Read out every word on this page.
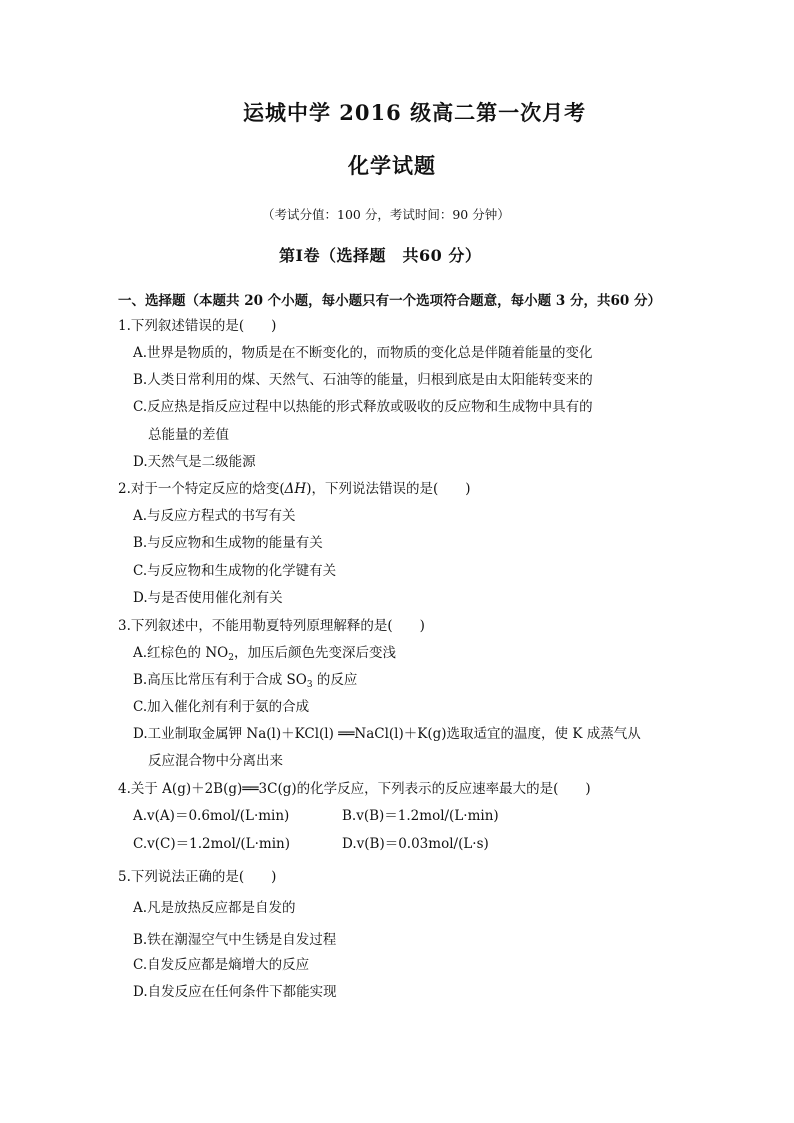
运城中学 2016 级高二第一次月考
化学试题
（考试分值：100 分，考试时间：90 分钟）
第Ⅰ卷（选择题　共60 分）
一、选择题（本题共 20 个小题，每小题只有一个选项符合题意，每小题 3 分，共60 分）
1.下列叙述错误的是(　　)
A.世界是物质的，物质是在不断变化的，而物质的变化总是伴随着能量的变化
B.人类日常利用的煤、天然气、石油等的能量，归根到底是由太阳能转变来的
C.反应热是指反应过程中以热能的形式释放或吸收的反应物和生成物中具有的
总能量的差值
D.天然气是二级能源
2.对于一个特定反应的焓变(ΔH)，下列说法错误的是(　　)
A.与反应方程式的书写有关
B.与反应物和生成物的能量有关
C.与反应物和生成物的化学键有关
D.与是否使用催化剂有关
3.下列叙述中，不能用勒夏特列原理解释的是(　　)
A.红棕色的 $NO_2$，加压后颜色先变深后变浅
B.高压比常压有利于合成 $SO_3$ 的反应
C.加入催化剂有利于氨的合成
D.工业制取金属钾 Na(l)＋KCl(l) ══NaCl(l)＋K(g)选取适宜的温度，使 K 成蒸气从
反应混合物中分离出来
4.关于 A(g)＋2B(g)══3C(g)的化学反应，下列表示的反应速率最大的是(　　)
A.v(A)＝0.6mol/(L·min)	B.v(B)＝1.2mol/(L·min)
C.v(C)＝1.2mol/(L·min)	D.v(B)＝0.03mol/(L·s)
5.下列说法正确的是(　　)
A.凡是放热反应都是自发的
B.铁在潮湿空气中生锈是自发过程
C.自发反应都是熵增大的反应
D.自发反应在任何条件下都能实现
